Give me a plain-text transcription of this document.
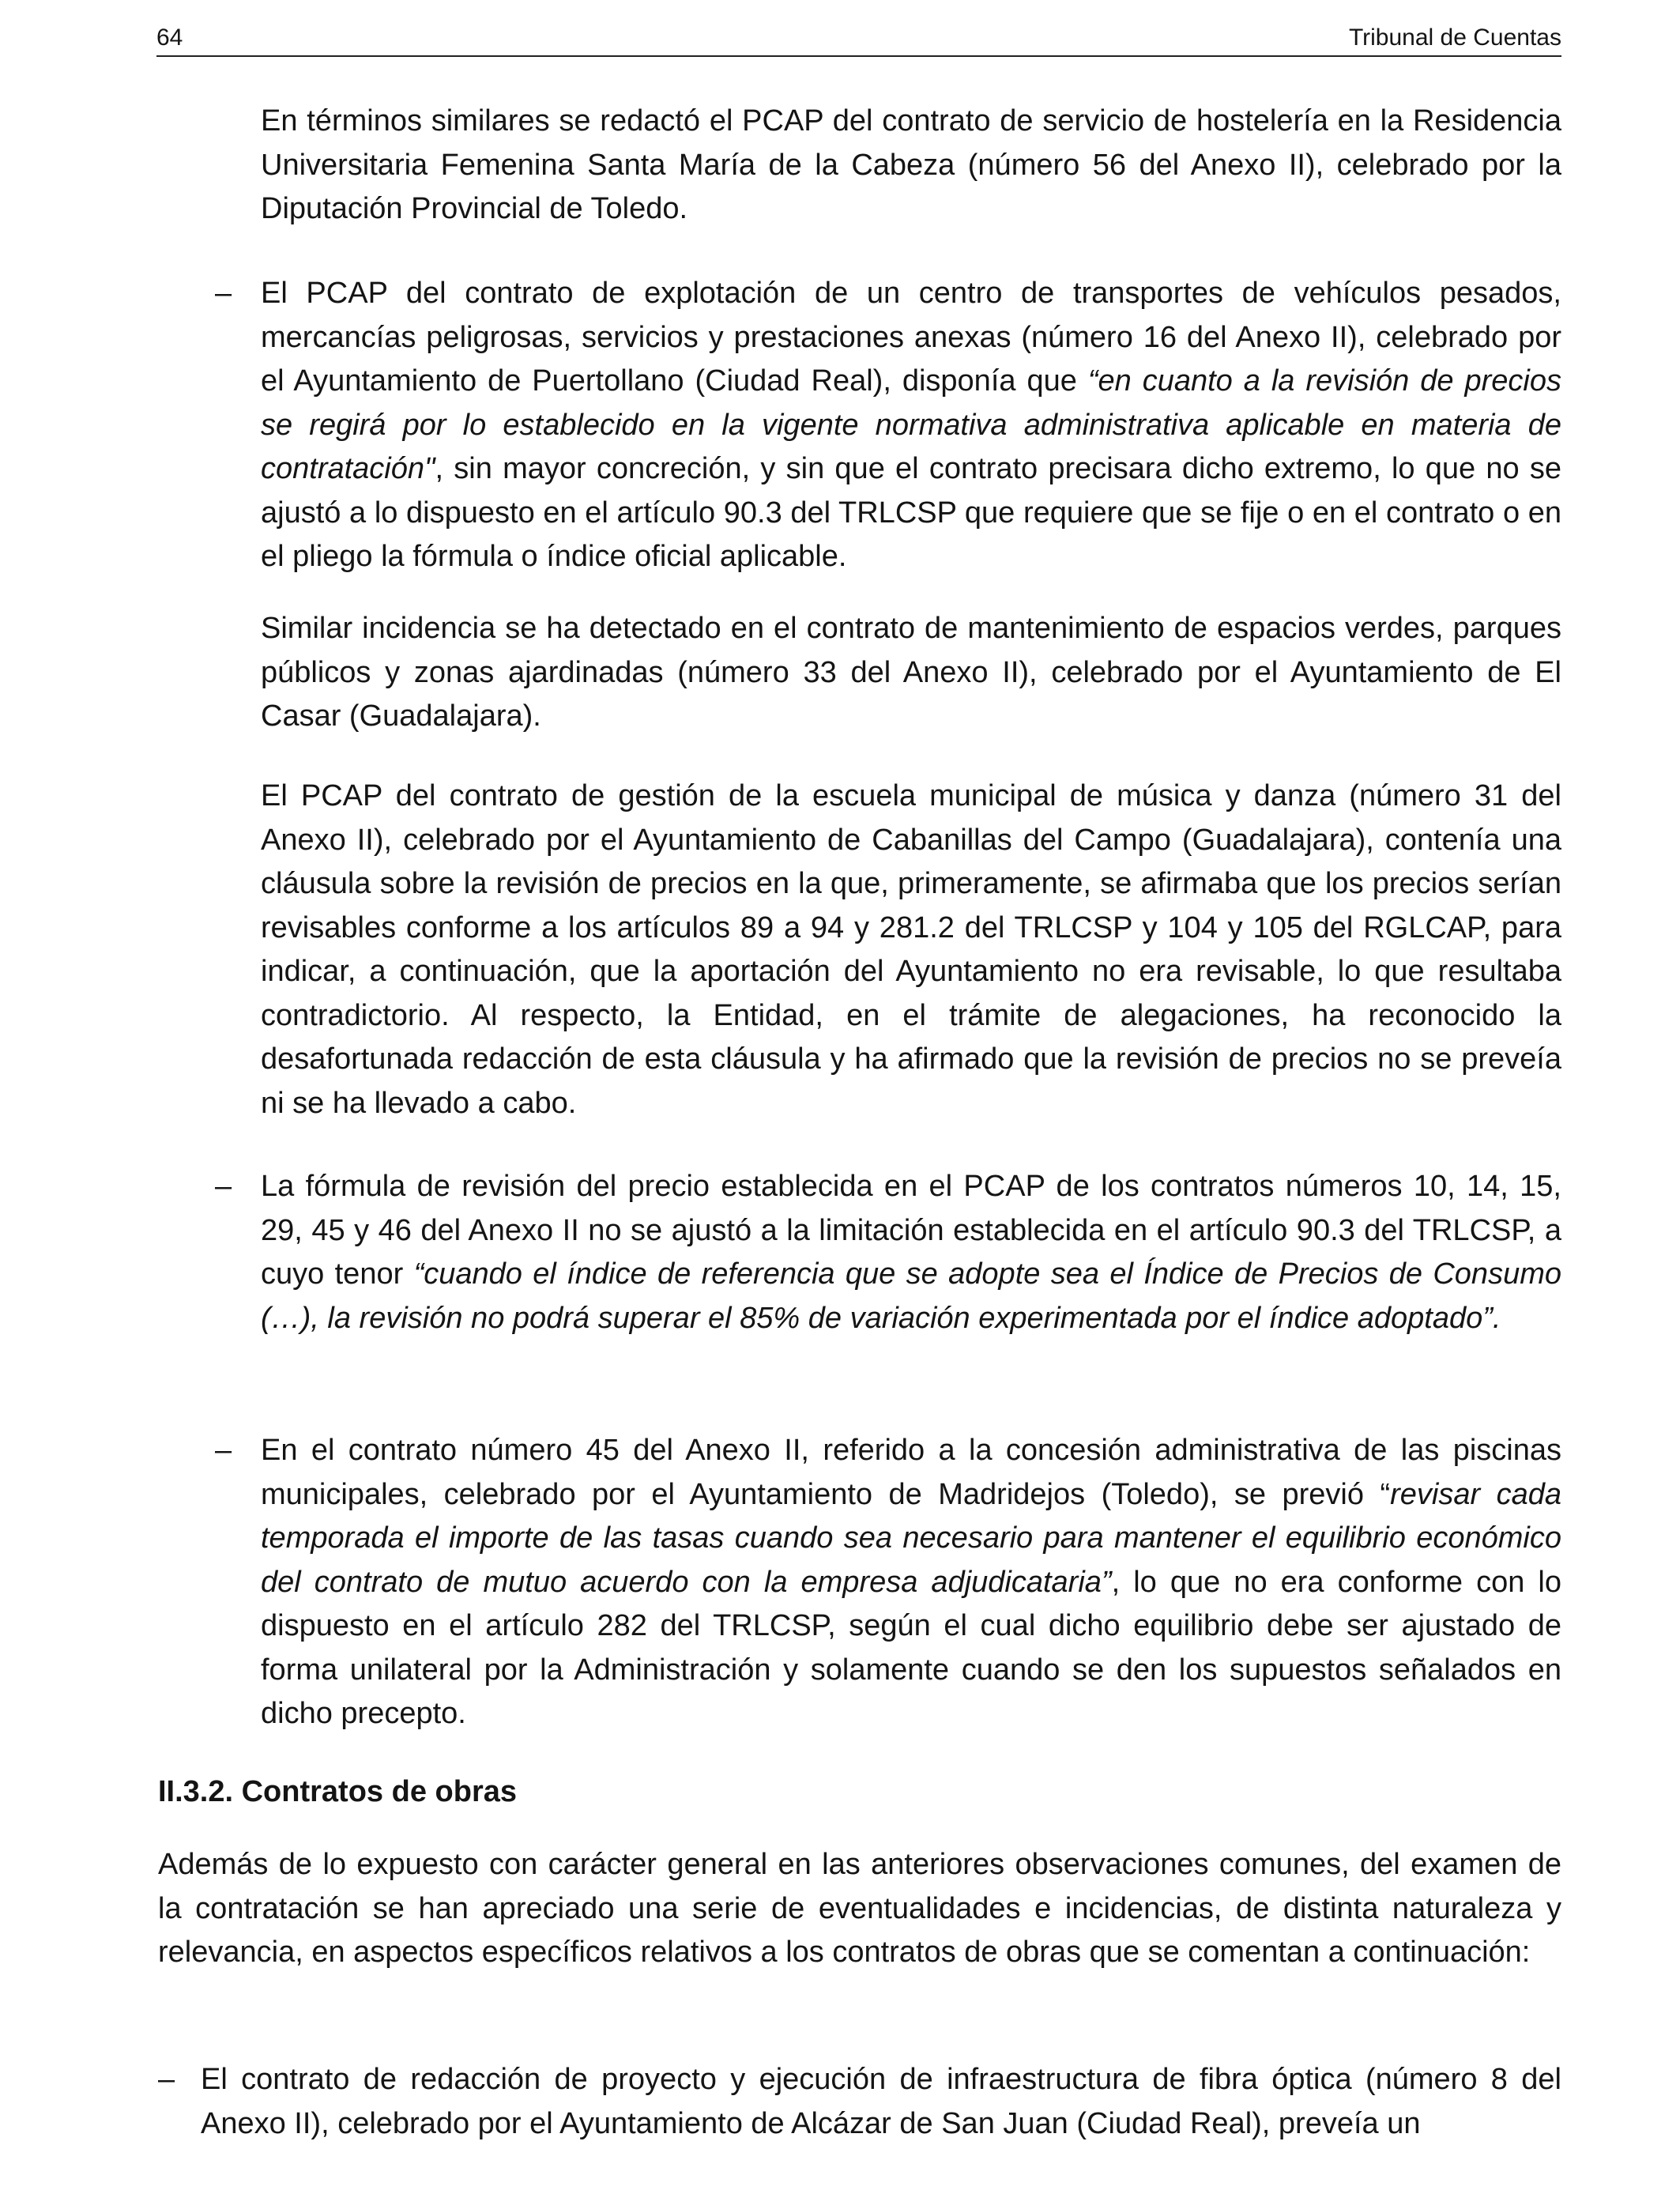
64	Tribunal de Cuentas

En términos similares se redactó el PCAP del contrato de servicio de hostelería en la Residencia Universitaria Femenina Santa María de la Cabeza (número 56 del Anexo II), celebrado por la Diputación Provincial de Toledo.

– El PCAP del contrato de explotación de un centro de transportes de vehículos pesados, mercancías peligrosas, servicios y prestaciones anexas (número 16 del Anexo II), celebrado por el Ayuntamiento de Puertollano (Ciudad Real), disponía que “en cuanto a la revisión de precios se regirá por lo establecido en la vigente normativa administrativa aplicable en materia de contratación", sin mayor concreción, y sin que el contrato precisara dicho extremo, lo que no se ajustó a lo dispuesto en el artículo 90.3 del TRLCSP que requiere que se fije o en el contrato o en el pliego la fórmula o índice oficial aplicable.

Similar incidencia se ha detectado en el contrato de mantenimiento de espacios verdes, parques públicos y zonas ajardinadas (número 33 del Anexo II), celebrado por el Ayuntamiento de El Casar (Guadalajara).

El PCAP del contrato de gestión de la escuela municipal de música y danza (número 31 del Anexo II), celebrado por el Ayuntamiento de Cabanillas del Campo (Guadalajara), contenía una cláusula sobre la revisión de precios en la que, primeramente, se afirmaba que los precios serían revisables conforme a los artículos 89 a 94 y 281.2 del TRLCSP y 104 y 105 del RGLCAP, para indicar, a continuación, que la aportación del Ayuntamiento no era revisable, lo que resultaba contradictorio. Al respecto, la Entidad, en el trámite de alegaciones, ha reconocido la desafortunada redacción de esta cláusula y ha afirmado que la revisión de precios no se preveía ni se ha llevado a cabo.

– La fórmula de revisión del precio establecida en el PCAP de los contratos números 10, 14, 15, 29, 45 y 46 del Anexo II no se ajustó a la limitación establecida en el artículo 90.3 del TRLCSP, a cuyo tenor “cuando el índice de referencia que se adopte sea el Índice de Precios de Consumo (…), la revisión no podrá superar el 85% de variación experimentada por el índice adoptado”.

– En el contrato número 45 del Anexo II, referido a la concesión administrativa de las piscinas municipales, celebrado por el Ayuntamiento de Madridejos (Toledo), se previó “revisar cada temporada el importe de las tasas cuando sea necesario para mantener el equilibrio económico del contrato de mutuo acuerdo con la empresa adjudicataria”, lo que no era conforme con lo dispuesto en el artículo 282 del TRLCSP, según el cual dicho equilibrio debe ser ajustado de forma unilateral por la Administración y solamente cuando se den los supuestos señalados en dicho precepto.

II.3.2. Contratos de obras

Además de lo expuesto con carácter general en las anteriores observaciones comunes, del examen de la contratación se han apreciado una serie de eventualidades e incidencias, de distinta naturaleza y relevancia, en aspectos específicos relativos a los contratos de obras que se comentan a continuación:

– El contrato de redacción de proyecto y ejecución de infraestructura de fibra óptica (número 8 del Anexo II), celebrado por el Ayuntamiento de Alcázar de San Juan (Ciudad Real), preveía un
